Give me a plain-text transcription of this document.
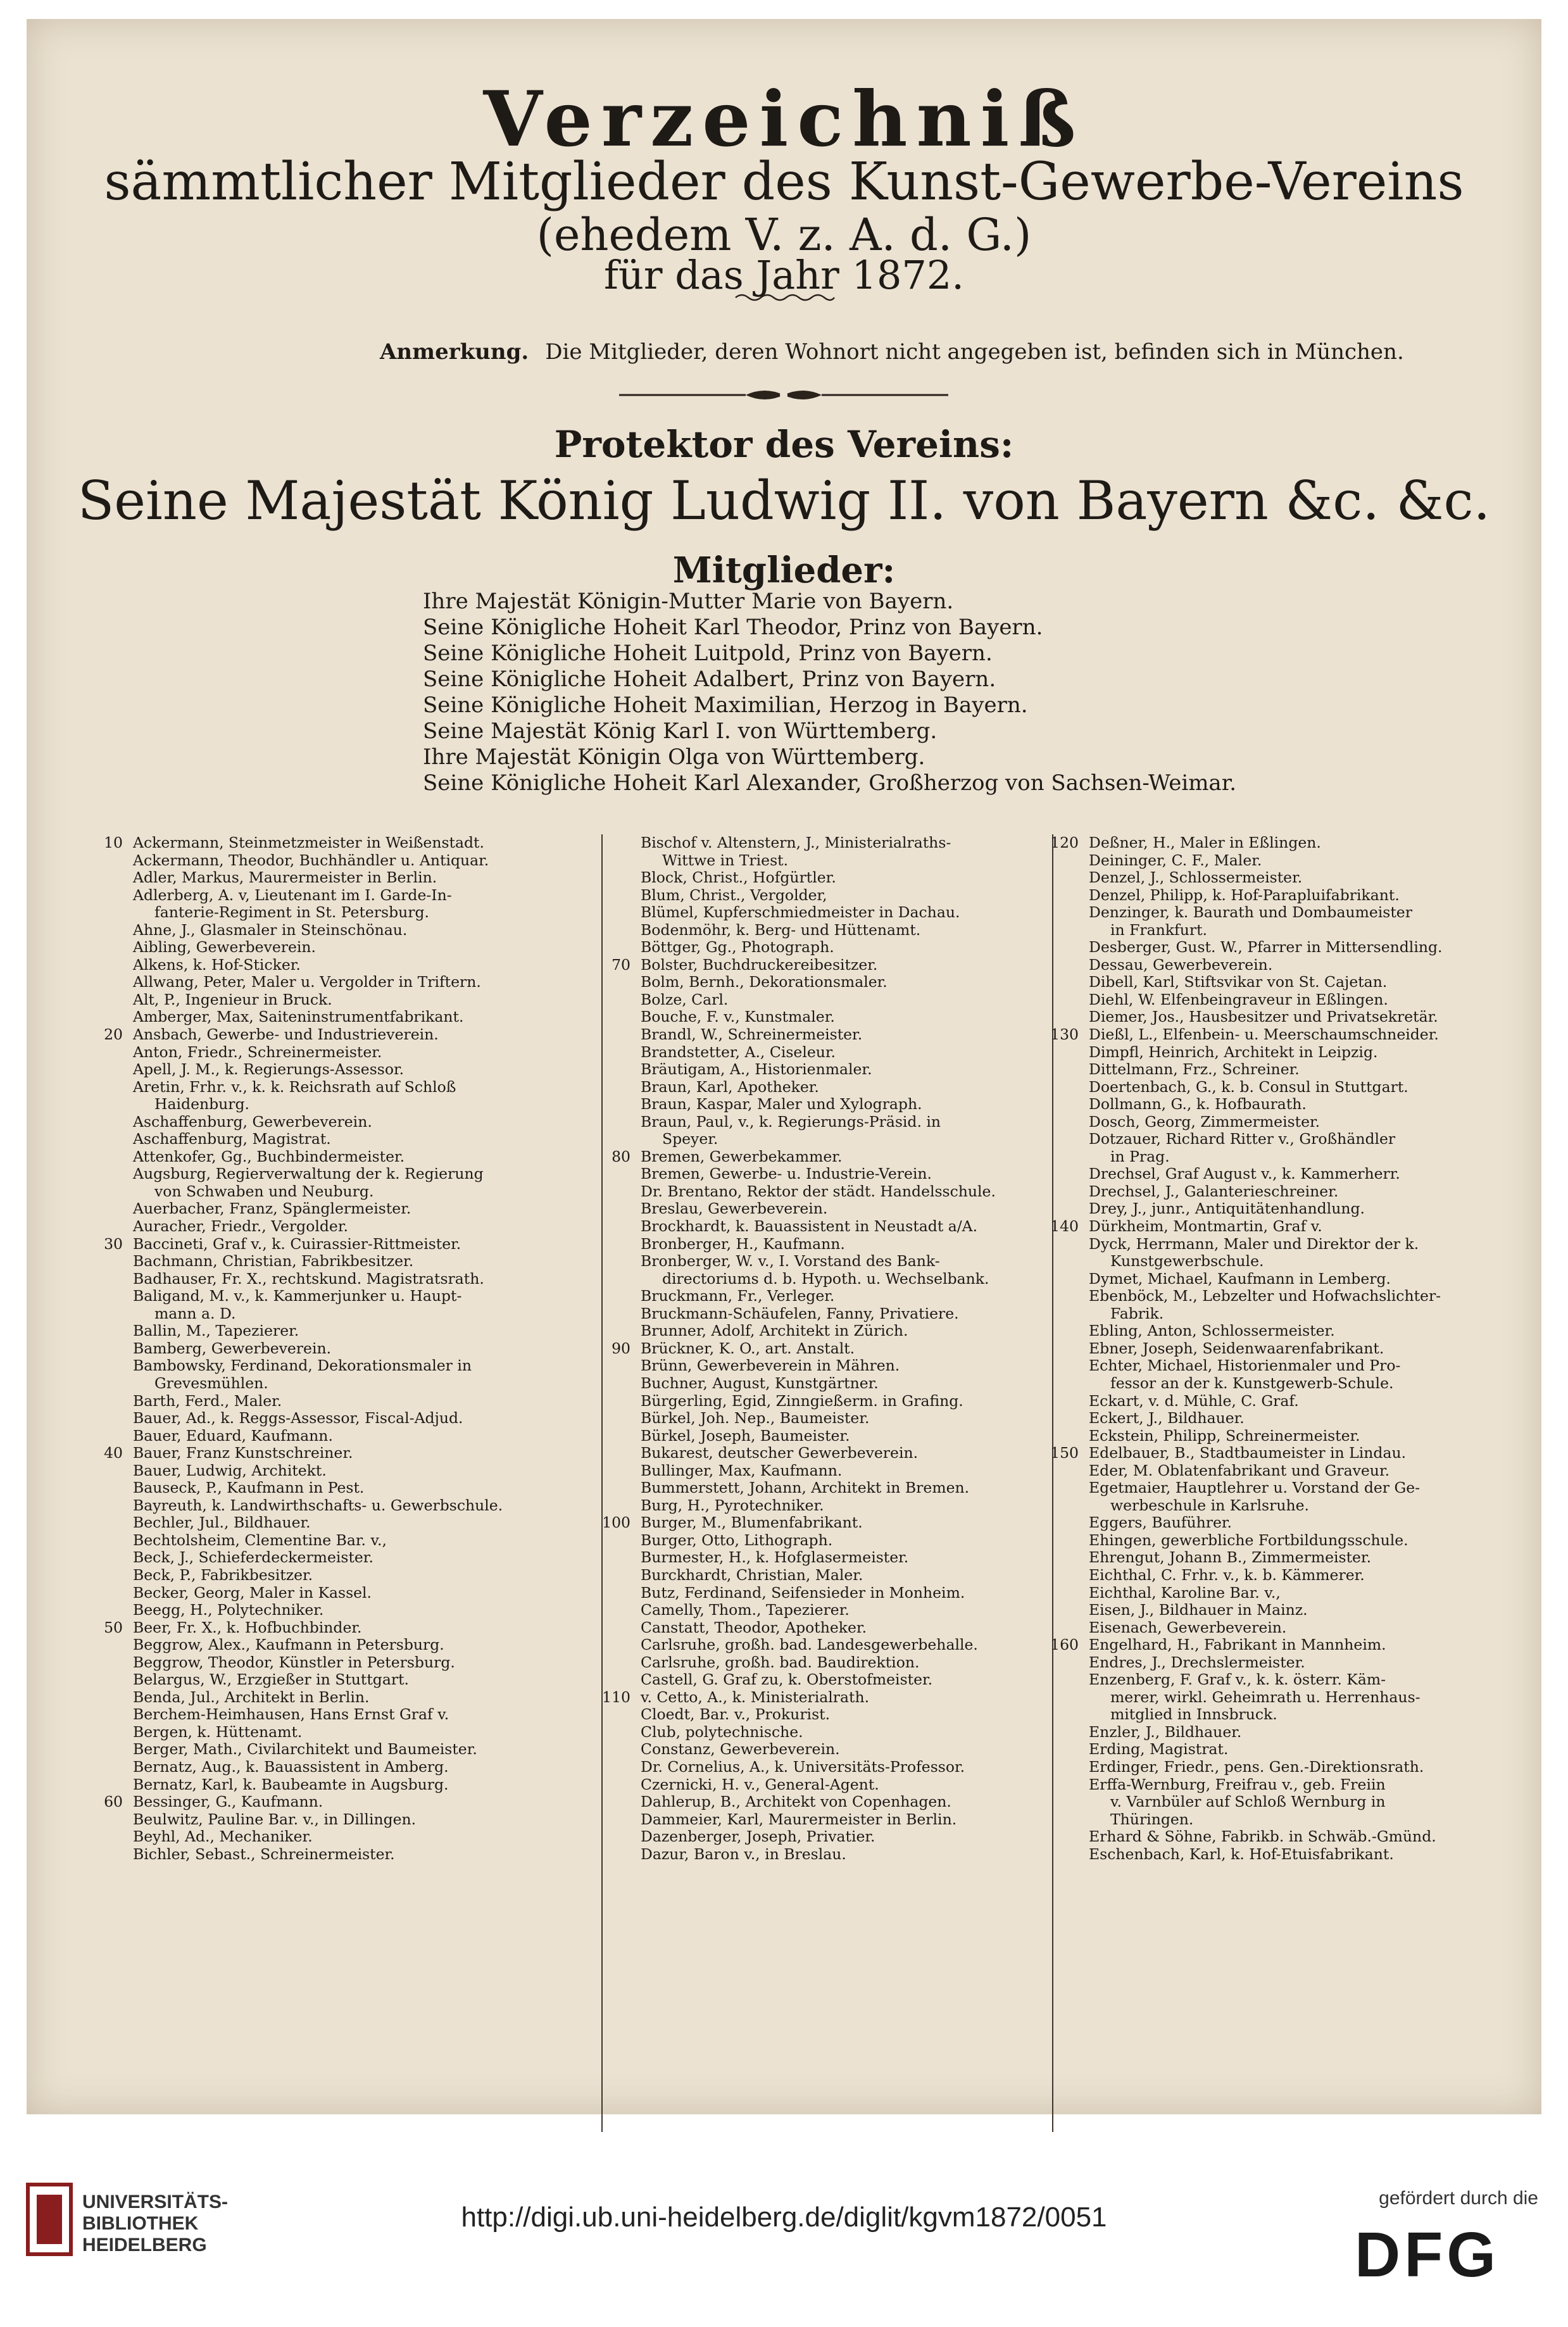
Verzeichniß
sämmtlicher Mitglieder des Kunst-Gewerbe-Vereins
(ehedem V. z. A. d. G.)
für das Jahr 1872.
Anmerkung. Die Mitglieder, deren Wohnort nicht angegeben ist, befinden sich in München.
Protektor des Vereins:
Seine Majestät König Ludwig II. von Bayern &c. &c.
Mitglieder:
Ihre Majestät Königin-Mutter Marie von Bayern.
Seine Königliche Hoheit Karl Theodor, Prinz von Bayern.
Seine Königliche Hoheit Luitpold, Prinz von Bayern.
Seine Königliche Hoheit Adalbert, Prinz von Bayern.
Seine Königliche Hoheit Maximilian, Herzog in Bayern.
Seine Majestät König Karl I. von Württemberg.
Ihre Majestät Königin Olga von Württemberg.
Seine Königliche Hoheit Karl Alexander, Großherzog von Sachsen-Weimar.
10 Ackermann, Steinmetzmeister in Weißenstadt.
Ackermann, Theodor, Buchhändler u. Antiquar.
Adler, Markus, Maurermeister in Berlin.
Adlerberg, A. v, Lieutenant im I. Garde-In-
fanterie-Regiment in St. Petersburg.
Ahne, J., Glasmaler in Steinschönau.
Aibling, Gewerbeverein.
Alkens, k. Hof-Sticker.
Allwang, Peter, Maler u. Vergolder in Triftern.
Alt, P., Ingenieur in Bruck.
Amberger, Max, Saiteninstrumentfabrikant.
20 Ansbach, Gewerbe- und Industrieverein.
Anton, Friedr., Schreinermeister.
Apell, J. M., k. Regierungs-Assessor.
Aretin, Frhr. v., k. k. Reichsrath auf Schloß
Haidenburg.
Aschaffenburg, Gewerbeverein.
Aschaffenburg, Magistrat.
Attenkofer, Gg., Buchbindermeister.
Augsburg, Regierverwaltung der k. Regierung
von Schwaben und Neuburg.
Auerbacher, Franz, Spänglermeister.
Auracher, Friedr., Vergolder.
30 Baccineti, Graf v., k. Cuirassier-Rittmeister.
Bachmann, Christian, Fabrikbesitzer.
Badhauser, Fr. X., rechtskund. Magistratsrath.
Baligand, M. v., k. Kammerjunker u. Haupt-
mann a. D.
Ballin, M., Tapezierer.
Bamberg, Gewerbeverein.
Bambowsky, Ferdinand, Dekorationsmaler in
Grevesmühlen.
Barth, Ferd., Maler.
Bauer, Ad., k. Reggs-Assessor, Fiscal-Adjud.
Bauer, Eduard, Kaufmann.
40 Bauer, Franz Kunstschreiner.
Bauer, Ludwig, Architekt.
Bauseck, P., Kaufmann in Pest.
Bayreuth, k. Landwirthschafts- u. Gewerbschule.
Bechler, Jul., Bildhauer.
Bechtolsheim, Clementine Bar. v.,
Beck, J., Schieferdeckermeister.
Beck, P., Fabrikbesitzer.
Becker, Georg, Maler in Kassel.
Beegg, H., Polytechniker.
50 Beer, Fr. X., k. Hofbuchbinder.
Beggrow, Alex., Kaufmann in Petersburg.
Beggrow, Theodor, Künstler in Petersburg.
Belargus, W., Erzgießer in Stuttgart.
Benda, Jul., Architekt in Berlin.
Berchem-Heimhausen, Hans Ernst Graf v.
Bergen, k. Hüttenamt.
Berger, Math., Civilarchitekt und Baumeister.
Bernatz, Aug., k. Bauassistent in Amberg.
Bernatz, Karl, k. Baubeamte in Augsburg.
60 Bessinger, G., Kaufmann.
Beulwitz, Pauline Bar. v., in Dillingen.
Beyhl, Ad., Mechaniker.
Bichler, Sebast., Schreinermeister.
Bischof v. Altenstern, J., Ministerialraths-
Wittwe in Triest.
Block, Christ., Hofgürtler.
Blum, Christ., Vergolder,
Blümel, Kupferschmiedmeister in Dachau.
Bodenmöhr, k. Berg- und Hüttenamt.
Böttger, Gg., Photograph.
70 Bolster, Buchdruckereibesitzer.
Bolm, Bernh., Dekorationsmaler.
Bolze, Carl.
Bouche, F. v., Kunstmaler.
Brandl, W., Schreinermeister.
Brandstetter, A., Ciseleur.
Bräutigam, A., Historienmaler.
Braun, Karl, Apotheker.
Braun, Kaspar, Maler und Xylograph.
Braun, Paul, v., k. Regierungs-Präsid. in
Speyer.
80 Bremen, Gewerbekammer.
Bremen, Gewerbe- u. Industrie-Verein.
Dr. Brentano, Rektor der städt. Handelsschule.
Breslau, Gewerbeverein.
Brockhardt, k. Bauassistent in Neustadt a/A.
Bronberger, H., Kaufmann.
Bronberger, W. v., I. Vorstand des Bank-
directoriums d. b. Hypoth. u. Wechselbank.
Bruckmann, Fr., Verleger.
Bruckmann-Schäufelen, Fanny, Privatiere.
Brunner, Adolf, Architekt in Zürich.
90 Brückner, K. O., art. Anstalt.
Brünn, Gewerbeverein in Mähren.
Buchner, August, Kunstgärtner.
Bürgerling, Egid, Zinngießerm. in Grafing.
Bürkel, Joh. Nep., Baumeister.
Bürkel, Joseph, Baumeister.
Bukarest, deutscher Gewerbeverein.
Bullinger, Max, Kaufmann.
Bummerstett, Johann, Architekt in Bremen.
Burg, H., Pyrotechniker.
100 Burger, M., Blumenfabrikant.
Burger, Otto, Lithograph.
Burmester, H., k. Hofglasermeister.
Burckhardt, Christian, Maler.
Butz, Ferdinand, Seifensieder in Monheim.
Camelly, Thom., Tapezierer.
Canstatt, Theodor, Apotheker.
Carlsruhe, großh. bad. Landesgewerbehalle.
Carlsruhe, großh. bad. Baudirektion.
Castell, G. Graf zu, k. Oberstofmeister.
110 v. Cetto, A., k. Ministerialrath.
Cloedt, Bar. v., Prokurist.
Club, polytechnische.
Constanz, Gewerbeverein.
Dr. Cornelius, A., k. Universitäts-Professor.
Czernicki, H. v., General-Agent.
Dahlerup, B., Architekt von Copenhagen.
Dammeier, Karl, Maurermeister in Berlin.
Dazenberger, Joseph, Privatier.
Dazur, Baron v., in Breslau.
120 Deßner, H., Maler in Eßlingen.
Deininger, C. F., Maler.
Denzel, J., Schlossermeister.
Denzel, Philipp, k. Hof-Parapluifabrikant.
Denzinger, k. Baurath und Dombaumeister
in Frankfurt.
Desberger, Gust. W., Pfarrer in Mittersendling.
Dessau, Gewerbeverein.
Dibell, Karl, Stiftsvikar von St. Cajetan.
Diehl, W. Elfenbeingraveur in Eßlingen.
Diemer, Jos., Hausbesitzer und Privatsekretär.
130 Dießl, L., Elfenbein- u. Meerschaumschneider.
Dimpfl, Heinrich, Architekt in Leipzig.
Dittelmann, Frz., Schreiner.
Doertenbach, G., k. b. Consul in Stuttgart.
Dollmann, G., k. Hofbaurath.
Dosch, Georg, Zimmermeister.
Dotzauer, Richard Ritter v., Großhändler
in Prag.
Drechsel, Graf August v., k. Kammerherr.
Drechsel, J., Galanterieschreiner.
Drey, J., junr., Antiquitätenhandlung.
140 Dürkheim, Montmartin, Graf v.
Dyck, Herrmann, Maler und Direktor der k.
Kunstgewerbschule.
Dymet, Michael, Kaufmann in Lemberg.
Ebenböck, M., Lebzelter und Hofwachslichter-
Fabrik.
Ebling, Anton, Schlossermeister.
Ebner, Joseph, Seidenwaarenfabrikant.
Echter, Michael, Historienmaler und Pro-
fessor an der k. Kunstgewerb-Schule.
Eckart, v. d. Mühle, C. Graf.
Eckert, J., Bildhauer.
Eckstein, Philipp, Schreinermeister.
150 Edelbauer, B., Stadtbaumeister in Lindau.
Eder, M. Oblatenfabrikant und Graveur.
Egetmaier, Hauptlehrer u. Vorstand der Ge-
werbeschule in Karlsruhe.
Eggers, Bauführer.
Ehingen, gewerbliche Fortbildungsschule.
Ehrengut, Johann B., Zimmermeister.
Eichthal, C. Frhr. v., k. b. Kämmerer.
Eichthal, Karoline Bar. v.,
Eisen, J., Bildhauer in Mainz.
Eisenach, Gewerbeverein.
160 Engelhard, H., Fabrikant in Mannheim.
Endres, J., Drechslermeister.
Enzenberg, F. Graf v., k. k. österr. Käm-
merer, wirkl. Geheimrath u. Herrenhaus-
mitglied in Innsbruck.
Enzler, J., Bildhauer.
Erding, Magistrat.
Erdinger, Friedr., pens. Gen.-Direktionsrath.
Erffa-Wernburg, Freifrau v., geb. Freiin
v. Varnbüler auf Schloß Wernburg in
Thüringen.
Erhard & Söhne, Fabrikb. in Schwäb.-Gmünd.
Eschenbach, Karl, k. Hof-Etuisfabrikant.
UNIVERSITÄTS-
BIBLIOTHEK
HEIDELBERG
http://digi.ub.uni-heidelberg.de/diglit/kgvm1872/0051
gefördert durch die
DFG
